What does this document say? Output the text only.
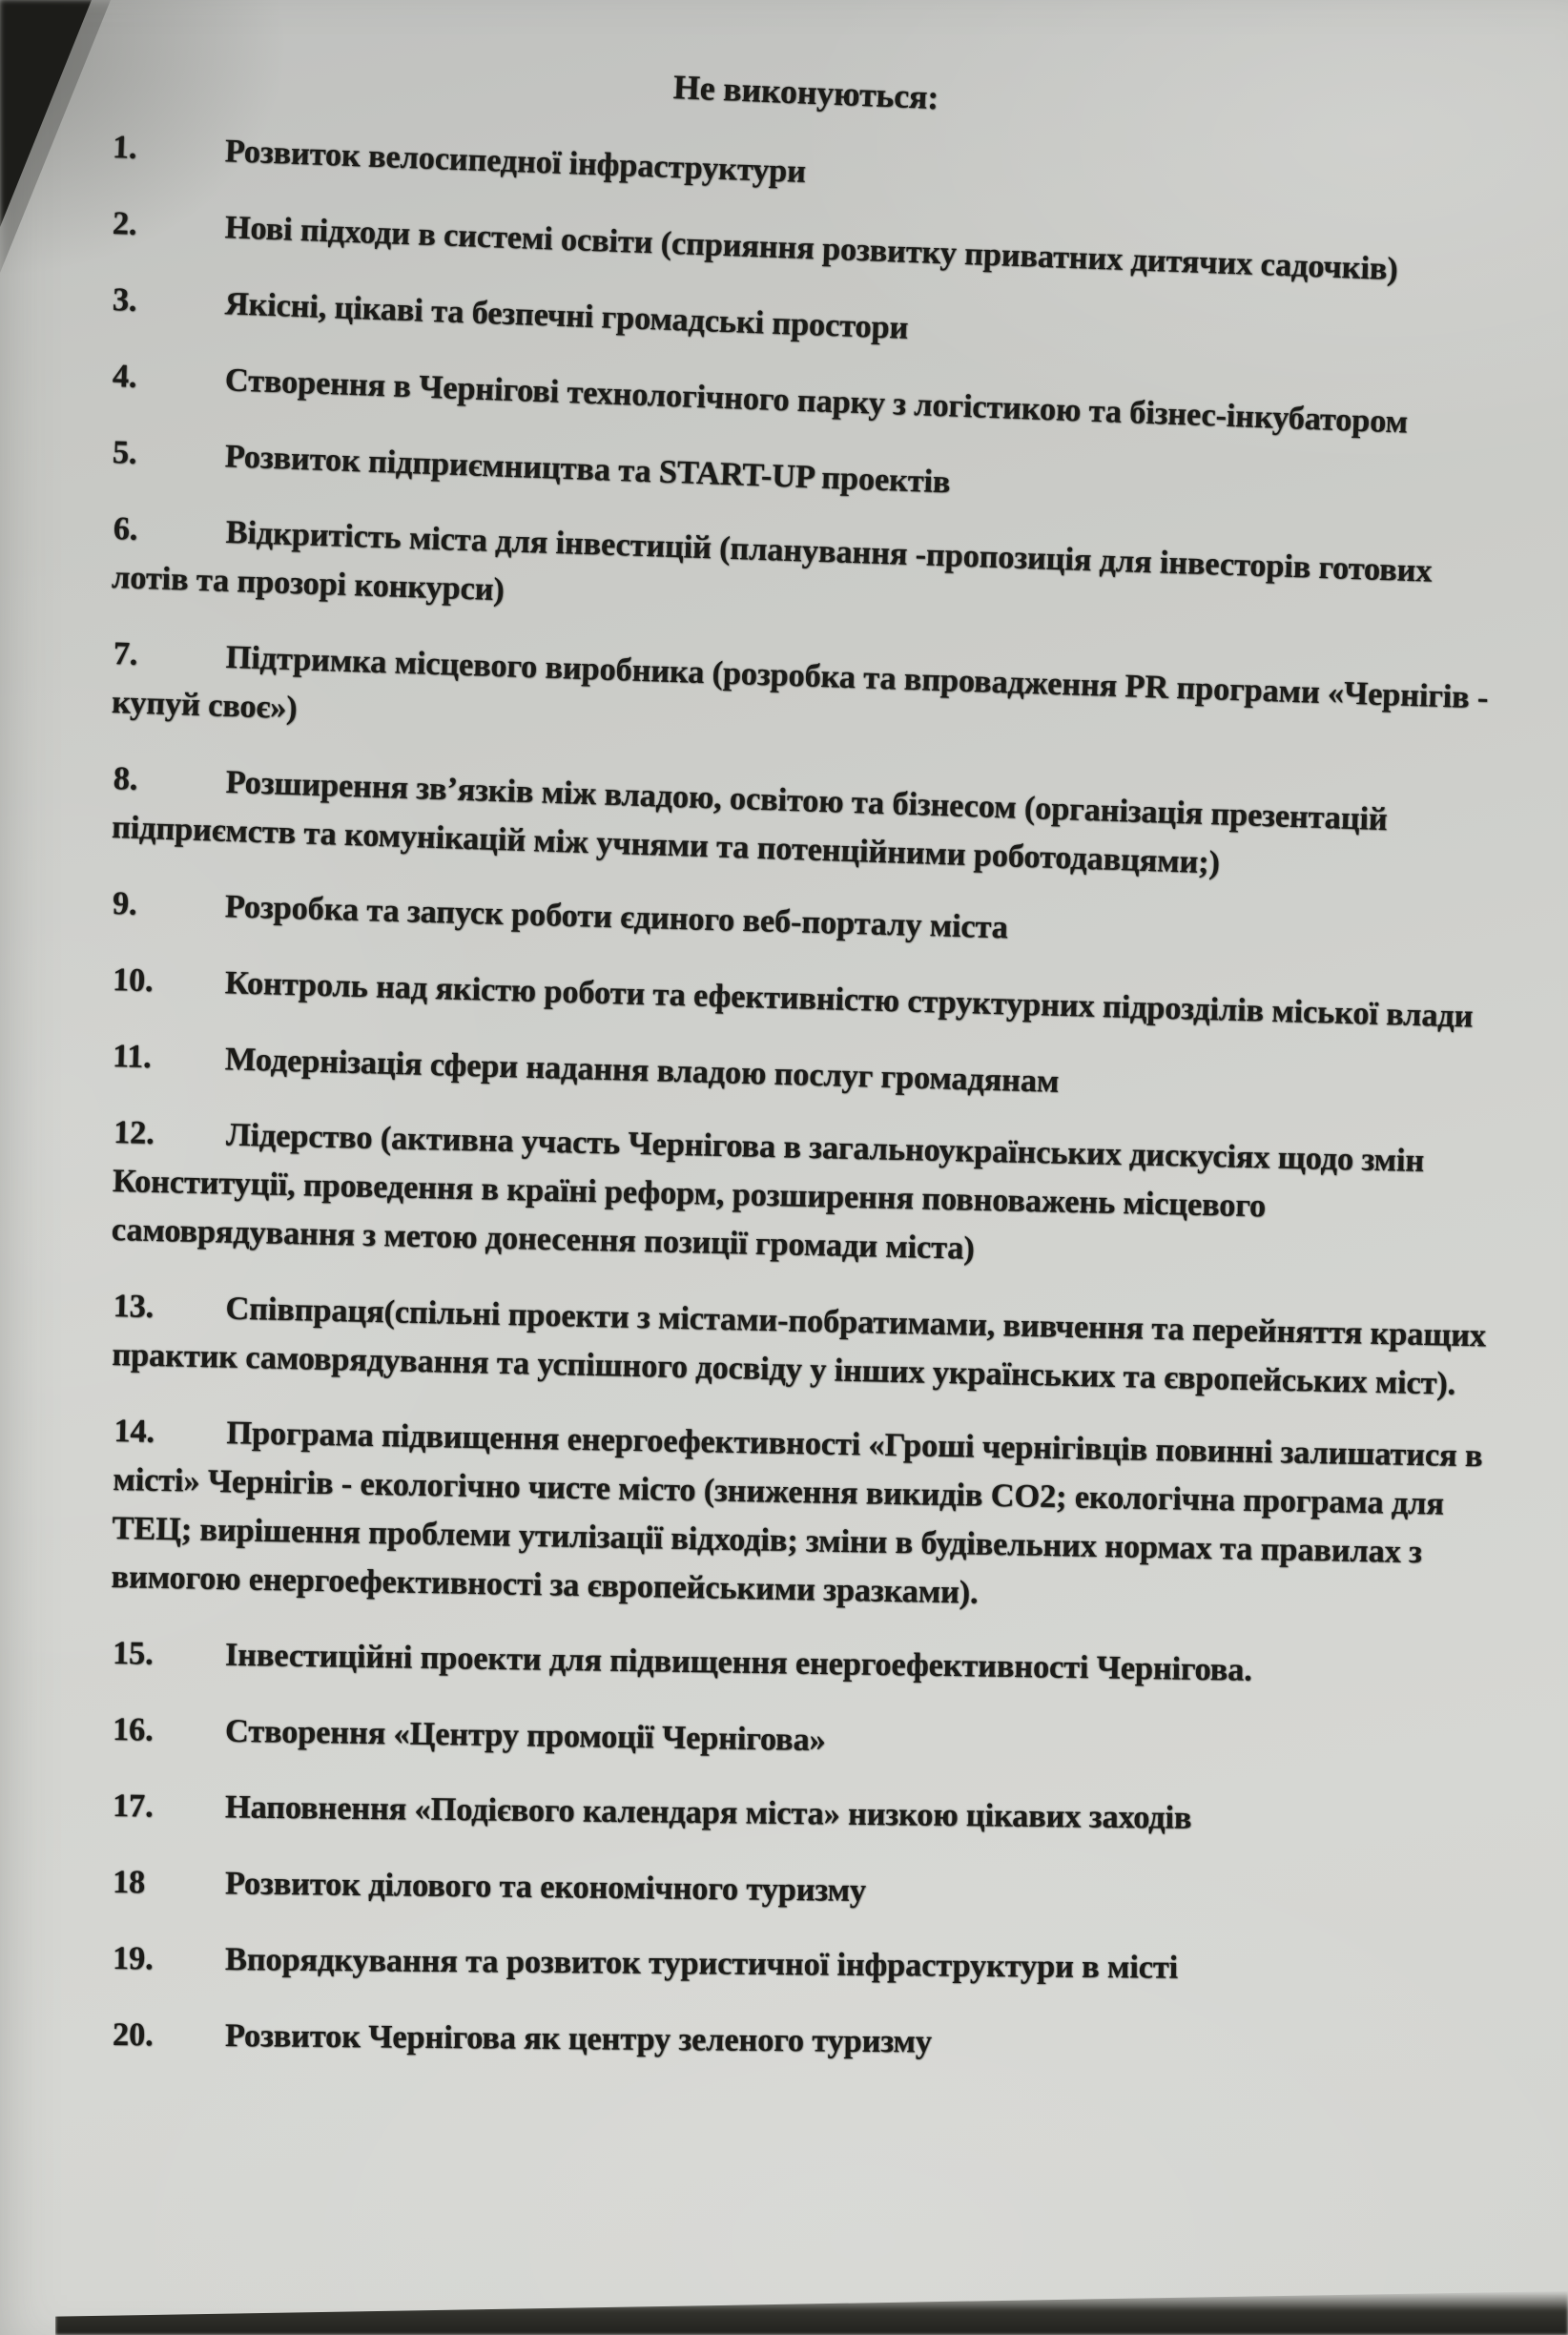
Не виконуються:
1.	Розвиток велосипедної інфраструктури
2.	Нові підходи в системі освіти (сприяння розвитку приватних дитячих садочків)
3.	Якісні, цікаві та безпечні громадські простори
4.	Створення в Чернігові технологічного парку з логістикою та бізнес-інкубатором
5.	Розвиток підприємництва та START-UP проектів
6.	Відкритість міста для інвестицій (планування -пропозиція для інвесторів готових лотів та прозорі конкурси)
7.	Підтримка місцевого виробника (розробка та впровадження PR програми «Чернігів - купуй своє»)
8.	Розширення зв’язків між владою, освітою та бізнесом (організація презентацій підприємств та комунікацій між учнями та потенційними роботодавцями;)
9.	Розробка та запуск роботи єдиного веб-порталу міста
10. Контроль над якістю роботи та ефективністю структурних підрозділів міської влади
11. Модернізація сфери надання владою послуг громадянам
12. Лідерство (активна участь Чернігова в загальноукраїнських дискусіях щодо змін Конституції, проведення в країні реформ, розширення повноважень місцевого самоврядування з метою донесення позиції громади міста)
13. Співпраця(спільні проекти з містами-побратимами, вивчення та перейняття кращих практик самоврядування та успішного досвіду у інших українських та європейських міст).
14. Програма підвищення енергоефективності «Гроші чернігівців повинні залишатися в місті» Чернігів - екологічно чисте місто (зниження викидів СО2; екологічна програма для ТЕЦ; вирішення проблеми утилізації відходів; зміни в будівельних нормах та правилах з вимогою енергоефективності за європейськими зразками).
15. Інвестиційні проекти для підвищення енергоефективності Чернігова.
16. Створення «Центру промоції Чернігова»
17. Наповнення «Подієвого календаря міста» низкою цікавих заходів
18 Розвиток ділового та економічного туризму
19. Впорядкування та розвиток туристичної інфраструктури в місті
20. Розвиток Чернігова як центру зеленого туризму
